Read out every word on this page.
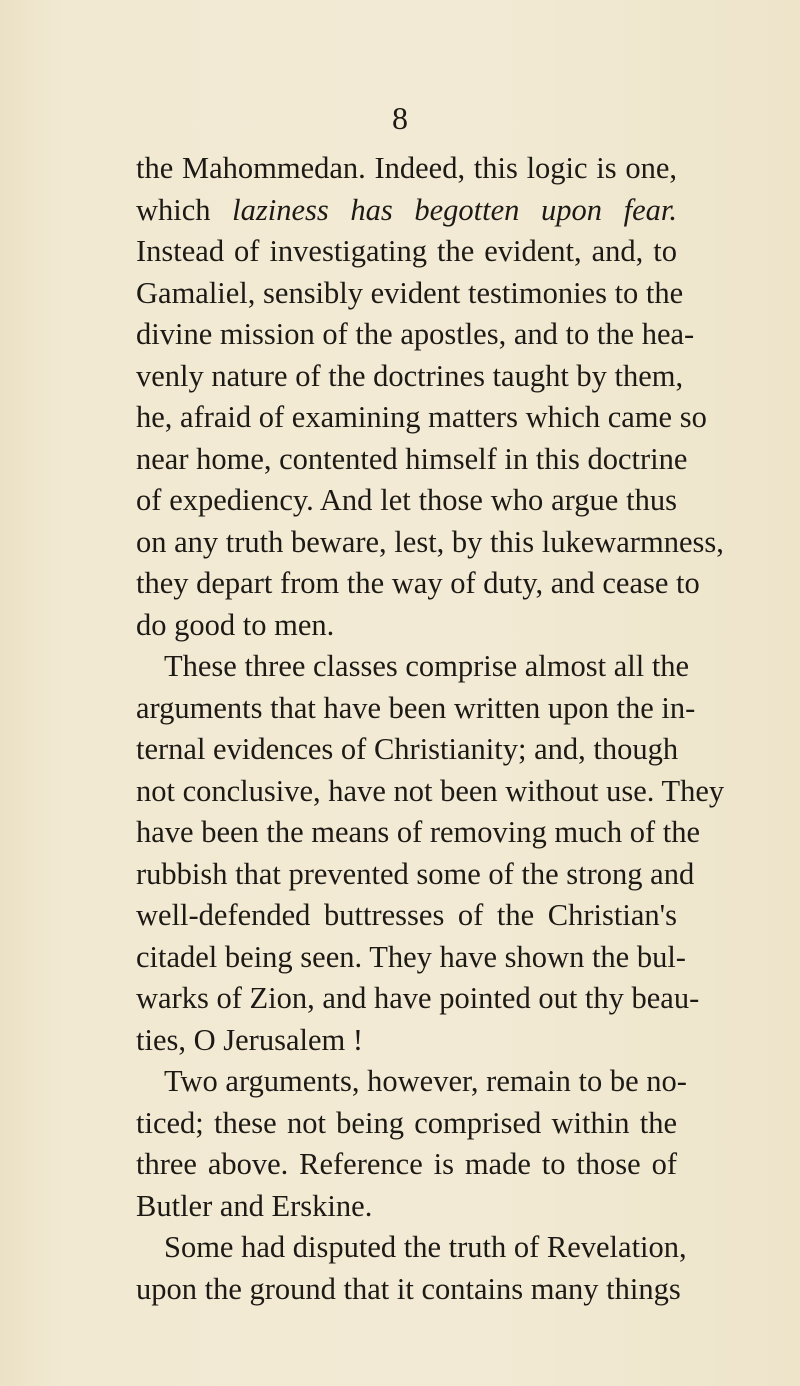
8
the Mahommedan. Indeed, this logic is one,
which laziness has begotten upon fear.
Instead of investigating the evident, and, to
Gamaliel, sensibly evident testimonies to the
divine mission of the apostles, and to the hea-
venly nature of the doctrines taught by them,
he, afraid of examining matters which came so
near home, contented himself in this doctrine
of expediency. And let those who argue thus
on any truth beware, lest, by this lukewarmness,
they depart from the way of duty, and cease to
do good to men.
These three classes comprise almost all the
arguments that have been written upon the in-
ternal evidences of Christianity; and, though
not conclusive, have not been without use. They
have been the means of removing much of the
rubbish that prevented some of the strong and
well-defended buttresses of the Christian's
citadel being seen. They have shown the bul-
warks of Zion, and have pointed out thy beau-
ties, O Jerusalem !
Two arguments, however, remain to be no-
ticed; these not being comprised within the
three above. Reference is made to those of
Butler and Erskine.
Some had disputed the truth of Revelation,
upon the ground that it contains many things
